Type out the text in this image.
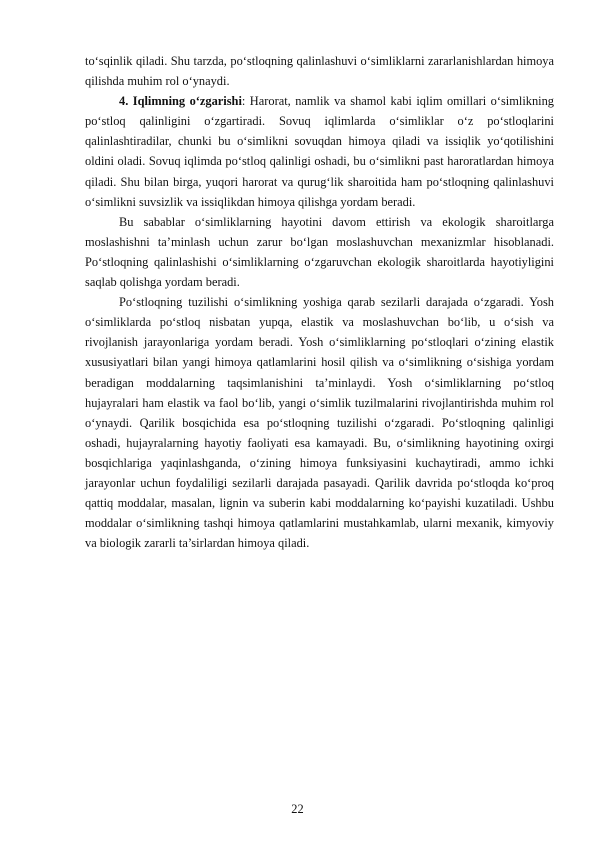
to‘sqinlik qiladi. Shu tarzda, po‘stloqning qalinlashuvi o‘simliklarni zararlanishlardan himoya qilishda muhim rol o‘ynaydi.

4. Iqlimning o‘zgarishi: Harorat, namlik va shamol kabi iqlim omillari o‘simlikning po‘stloq qalinligini o‘zgartiradi. Sovuq iqlimlarda o‘simliklar o‘z po‘stloqlarini qalinlashtiradilar, chunki bu o‘simlikni sovuqdan himoya qiladi va issiqlik yo‘qotilishini oldini oladi. Sovuq iqlimda po‘stloq qalinligi oshadi, bu o‘simlikni past haroratlardan himoya qiladi. Shu bilan birga, yuqori harorat va qurug‘lik sharoitida ham po‘stloqning qalinlashuvi o‘simlikni suvsizlik va issiqlikdan himoya qilishga yordam beradi.

Bu sabablar o‘simliklarning hayotini davom ettirish va ekologik sharoitlarga moslashishni ta’minlash uchun zarur bo‘lgan moslashuvchan mexanizmlar hisoblanadi. Po‘stloqning qalinlashishi o‘simliklarning o‘zgaruvchan ekologik sharoitlarda hayotiyligini saqlab qolishga yordam beradi.

Po‘stloqning tuzilishi o‘simlikning yoshiga qarab sezilarli darajada o‘zgaradi. Yosh o‘simliklarda po‘stloq nisbatan yupqa, elastik va moslashuvchan bo‘lib, u o‘sish va rivojlanish jarayonlariga yordam beradi. Yosh o‘simliklarning po‘stloqlari o‘zining elastik xususiyatlari bilan yangi himoya qatlamlarini hosil qilish va o‘simlikning o‘sishiga yordam beradigan moddalarning taqsimlanishini ta’minlaydi. Yosh o‘simliklarning po‘stloq hujayralari ham elastik va faol bo‘lib, yangi o‘simlik tuzilmalarini rivojlantirishda muhim rol o‘ynaydi. Qarilik bosqichida esa po‘stloqning tuzilishi o‘zgaradi. Po‘stloqning qalinligi oshadi, hujayralarning hayotiy faoliyati esa kamayadi. Bu, o‘simlikning hayotining oxirgi bosqichlariga yaqinlashganda, o‘zining himoya funksiyasini kuchaytiradi, ammo ichki jarayonlar uchun foydaliligi sezilarli darajada pasayadi. Qarilik davrida po‘stloqda ko‘proq qattiq moddalar, masalan, lignin va suberin kabi moddalarning ko‘payishi kuzatiladi. Ushbu moddalar o‘simlikning tashqi himoya qatlamlarini mustahkamlab, ularni mexanik, kimyoviy va biologik zararli ta’sirlardan himoya qiladi.

22
